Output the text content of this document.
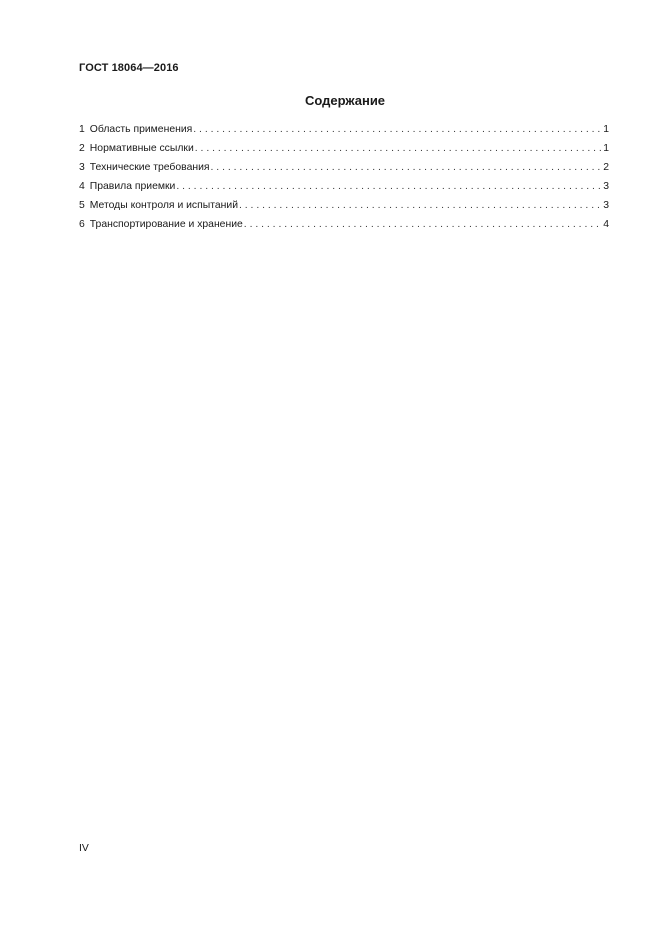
ГОСТ 18064—2016
Содержание
1 Область применения . . .	1
2 Нормативные ссылки . . .	1
3 Технические требования . . .	2
4 Правила приемки . . .	3
5 Методы контроля и испытаний . . .	3
6 Транспортирование и хранение . . .	4
IV
